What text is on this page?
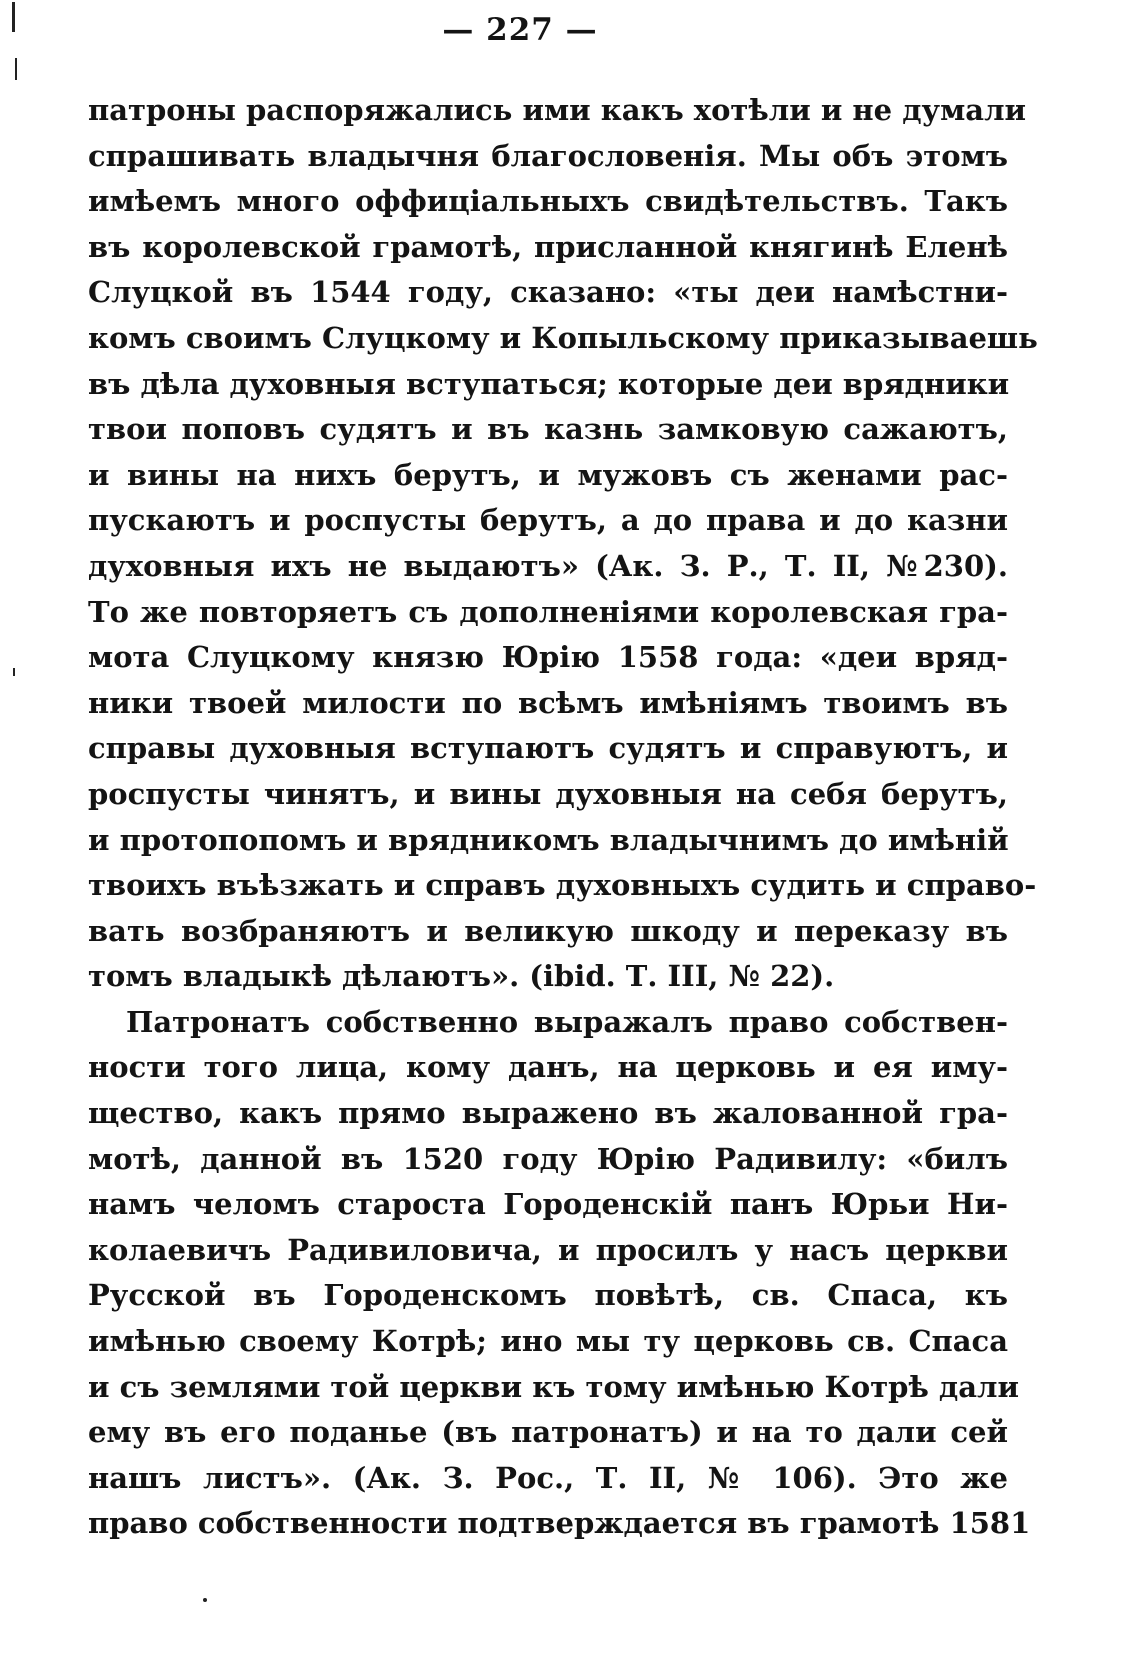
— 227 —
патроны распоряжались ими какъ хотѣли и не думали
спрашивать владычня благословенія. Мы объ этомъ
имѣемъ много оффиціальныхъ свидѣтельствъ. Такъ
въ королевской грамотѣ, присланной княгинѣ Еленѣ
Слуцкой въ 1544 году, сказано: «ты деи намѣстни-
комъ своимъ Слуцкому и Копыльскому приказываешь
въ дѣла духовныя вступаться; которые деи врядники
твои поповъ судятъ и въ казнь замковую сажаютъ,
и вины на нихъ берутъ, и мужовъ съ женами рас-
пускаютъ и роспусты берутъ, а до права и до казни
духовныя ихъ не выдаютъ» (Ак. З. Р., Т. II, №230).
То же повторяетъ съ дополненіями королевская гра-
мота Слуцкому князю Юрію 1558 года: «деи вряд-
ники твоей милости по всѣмъ имѣніямъ твоимъ въ
справы духовныя вступаютъ судятъ и справуютъ, и
роспусты чинятъ, и вины духовныя на себя берутъ,
и протопопомъ и врядникомъ владычнимъ до имѣній
твоихъ въѣзжать и справъ духовныхъ судить и справо-
вать возбраняютъ и великую шкоду и переказу въ
томъ владыкѣ дѣлаютъ». (ibid. Т. III, № 22).
Патронатъ собственно выражалъ право собствен-
ности того лица, кому данъ, на церковь и ея иму-
щество, какъ прямо выражено въ жалованной гра-
мотѣ, данной въ 1520 году Юрію Радивилу: «билъ
намъ челомъ староста Городенскій панъ Юрьи Ни-
колаевичъ Радивиловича, и просилъ у насъ церкви
Русской въ Городенскомъ повѣтѣ, св. Спаса, къ
имѣнью своему Котрѣ; ино мы ту церковь св. Спаса
и съ землями той церкви къ тому имѣнью Котрѣ дали
ему въ его поданье (въ патронатъ) и на то дали сей
нашъ листъ». (Ак. З. Рос., Т. II, № 106). Это же
право собственности подтверждается въ грамотѣ 1581
